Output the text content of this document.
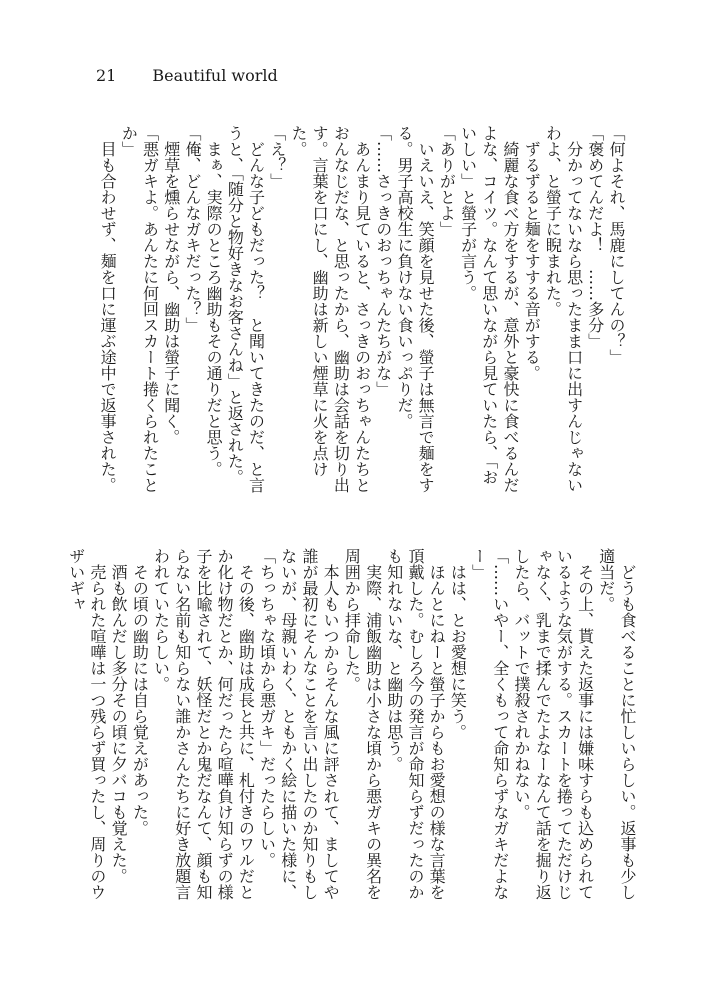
21 Beautiful world

「何よそれ、馬鹿にしてんの？」

「褒めてんだよ！　……多分」

　分かってないなら思ったまま口に出すんじゃないわよ、と螢子に睨まれた。

　ずるずると麺をすする音がする。

　綺麗な食べ方をするが、意外と豪快に食べるんだよな、コイツ。なんて思いながら見ていたら、「おいしい」と螢子が言う。

「ありがとよ」

　いえいえ、笑顔を見せた後、螢子は無言で麺をする。男子高校生に負けない食いっぷりだ。

「……さっきのおっちゃんたちがな」

　あんまり見ていると、さっきのおっちゃんたちとおんなじだな、と思ったから、幽助は会話を切り出す。言葉を口にし、幽助は新しい煙草に火を点けた。

「え？」

　どんな子どもだった？　と聞いてきたのだ、と言うと、「随分と物好きなお客さんね」と返された。

　まぁ、実際のところ幽助もその通りだと思う。

「俺、どんなガキだった？」

　煙草を燻らせながら、幽助は螢子に聞く。

「悪ガキよ。あんたに何回スカート捲くられたことか」

　目も合わせず、麺を口に運ぶ途中で返事された。

　どうも食べることに忙しいらしい。返事も少し適当だ。

　その上、貰えた返事には嫌味すらも込められているような気がする。スカートを捲ってただけじゃなく、乳まで揉んでたよなーなんて話を掘り返したら、バットで撲殺されかねない。

「……いやー、全くもって命知らずなガキだよなー」

　はは、とお愛想に笑う。

　ほんとにねーと螢子からもお愛想の様な言葉を頂戴した。むしろ今の発言が命知らずだったのかも知れないな、と幽助は思う。

　実際、浦飯幽助は小さな頃から悪ガキの異名を周囲から拝命した。

　本人もいつからそんな風に評されて、ましてや誰が最初にそんなことを言い出したのか知りもしないが、母親いわく、ともかく絵に描いた様に、「ちっちゃな頃から悪ガキ」だったらしい。

　その後、幽助は成長と共に、札付きのワルだとか化け物だとか、何だったら喧嘩負け知らずの様子を比喩されて、妖怪だとか鬼だなんて、顔も知らない名前も知らない誰かさんたちに好き放題言われていたらしい。

　その頃の幽助には自ら覚えがあった。

　酒も飲んだし多分その頃に夕バコも覚えた。

　売られた喧嘩は一つ残らず買ったし、周りのウザいギャ
